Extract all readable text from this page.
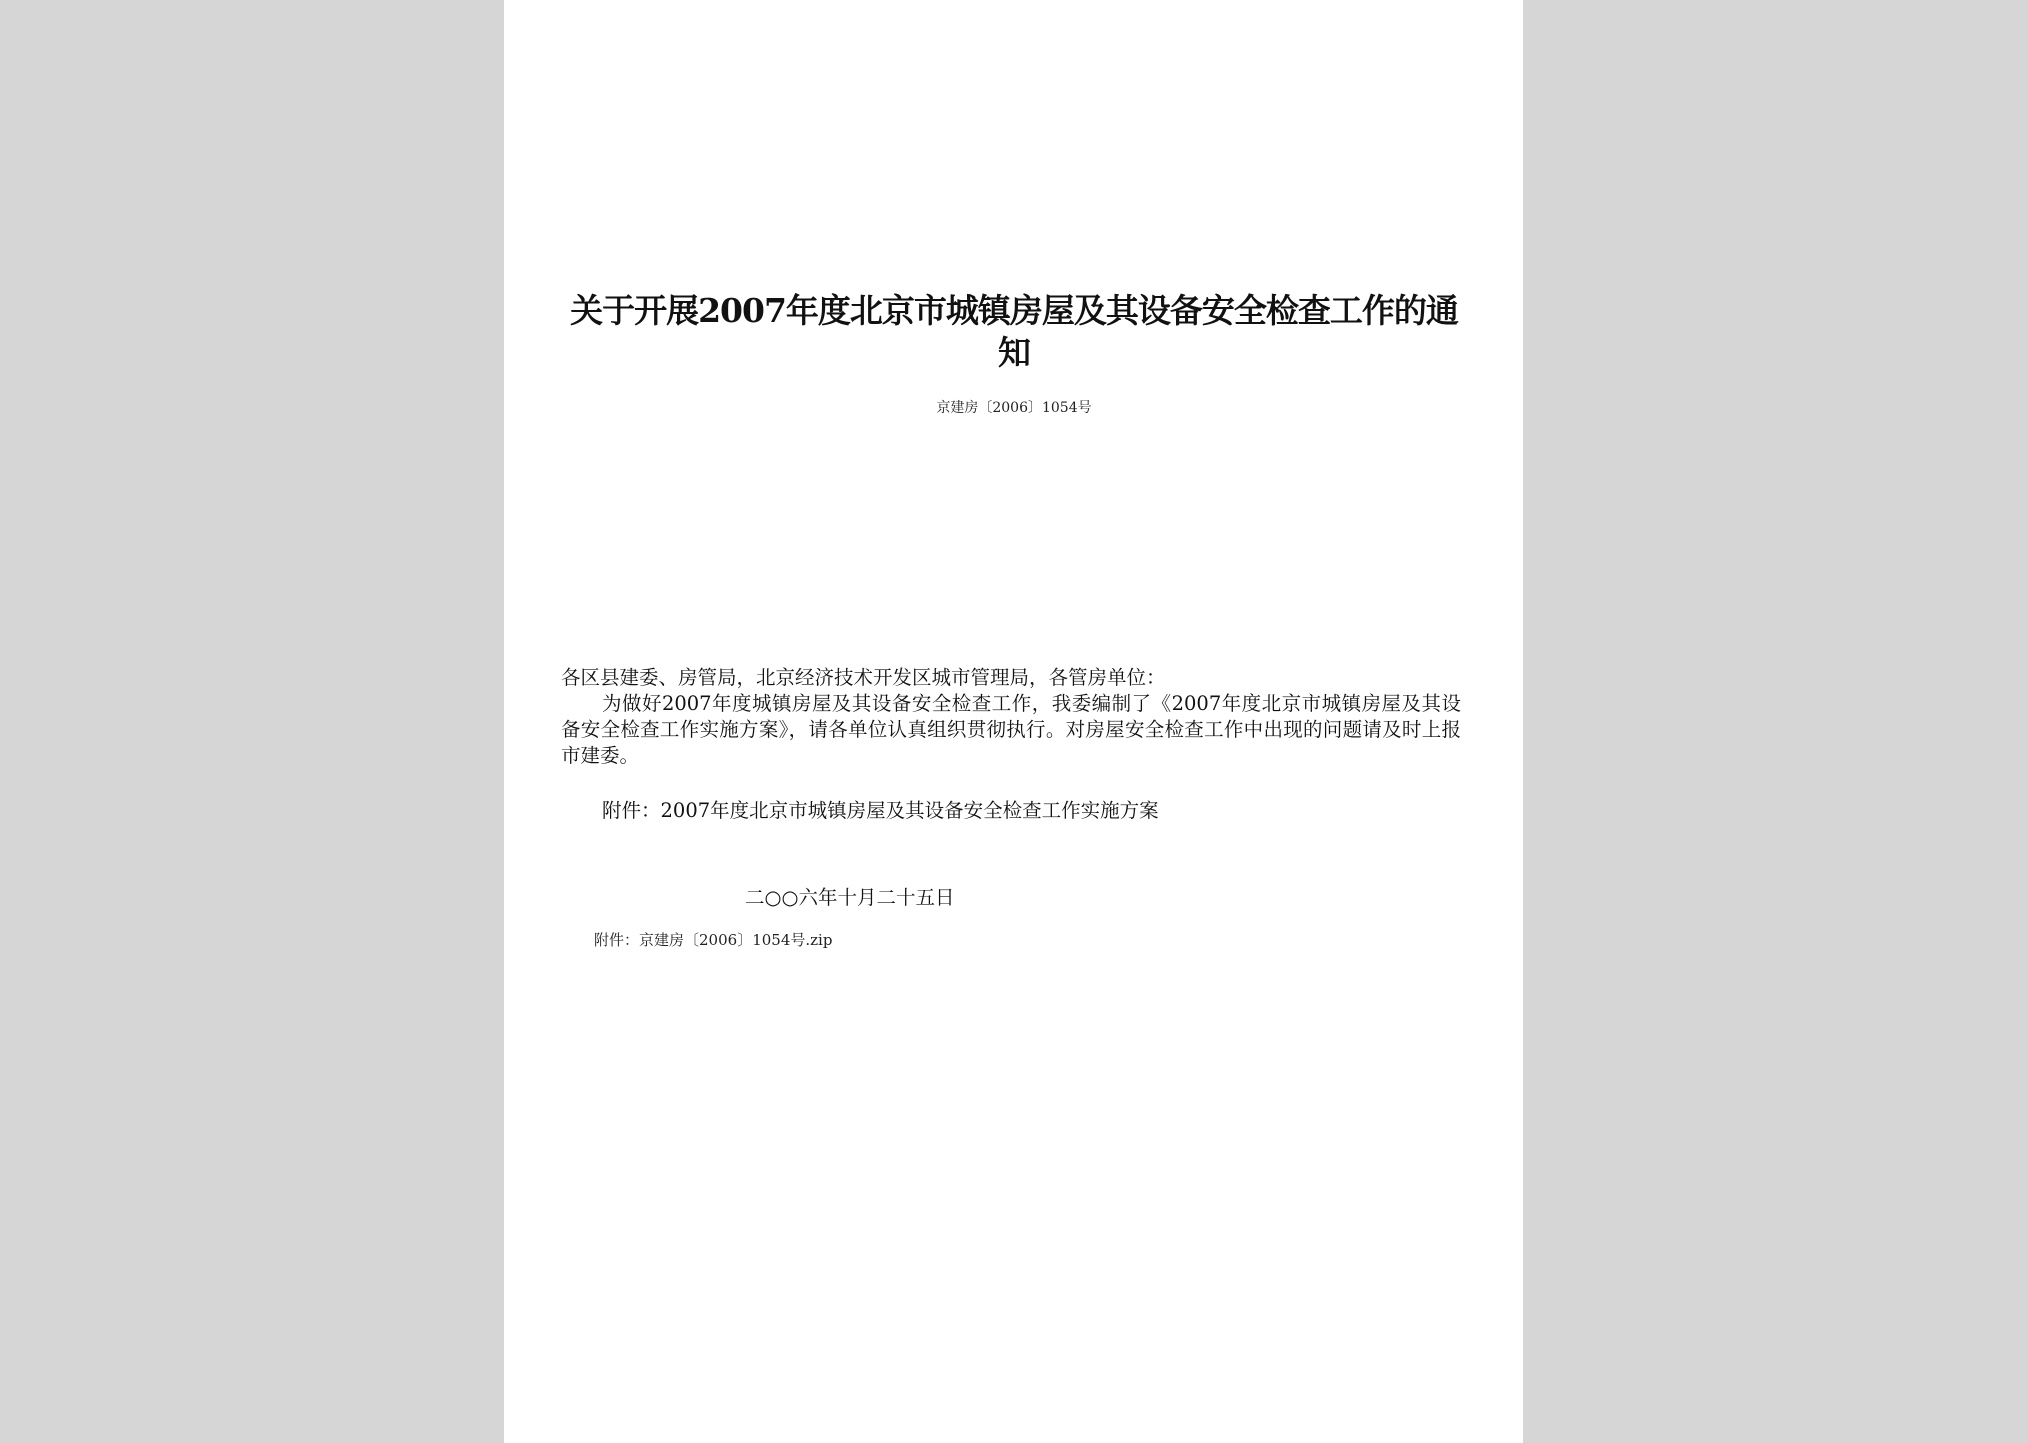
关于开展2007年度北京市城镇房屋及其设备安全检查工作的通知
京建房〔2006〕1054号

各区县建委、房管局，北京经济技术开发区城市管理局，各管房单位：

为做好2007年度城镇房屋及其设备安全检查工作，我委编制了《2007年度北京市城镇房屋及其设备安全检查工作实施方案》，请各单位认真组织贯彻执行。对房屋安全检查工作中出现的问题请及时上报市建委。

附件：2007年度北京市城镇房屋及其设备安全检查工作实施方案
二○○六年十月二十五日
附件：京建房〔2006〕1054号.zip
